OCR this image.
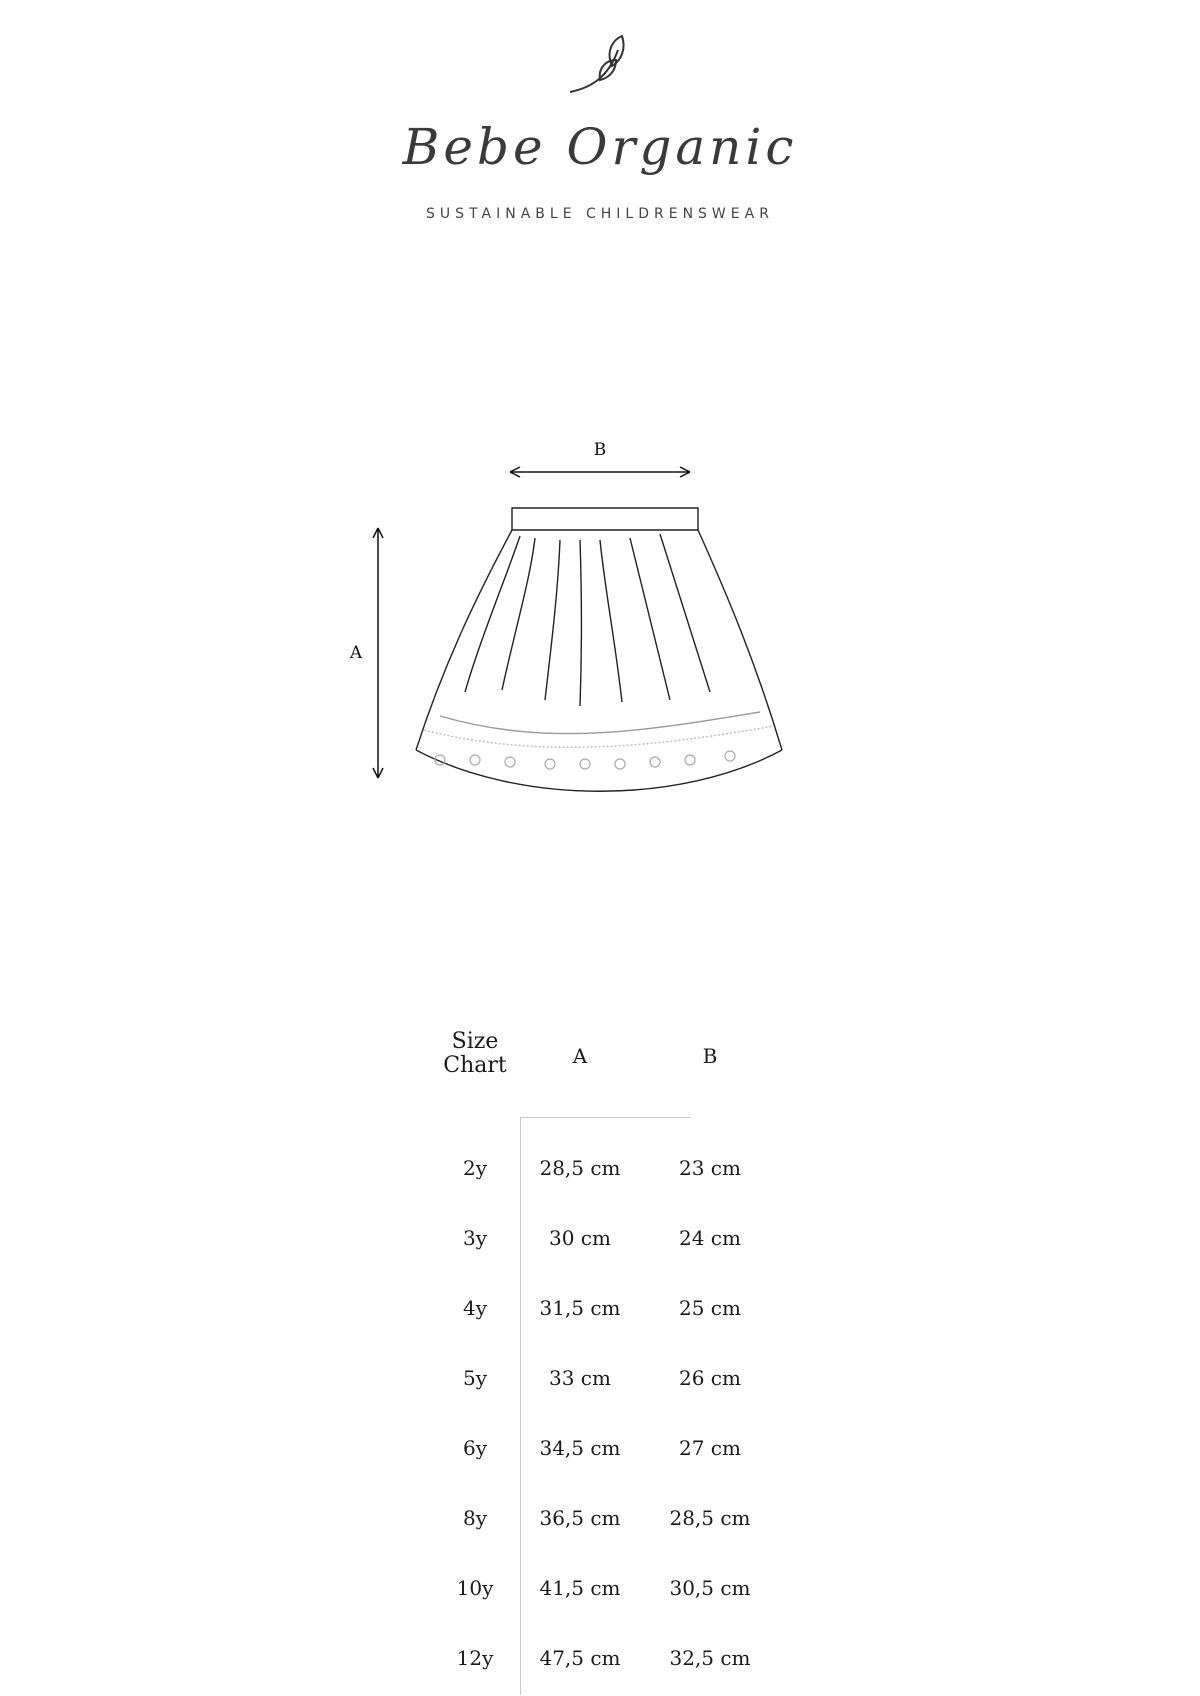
Bebe Organic
SUSTAINABLE CHILDRENSWEAR
B
A
Size Chart	A	B
2y	28,5 cm	23 cm
3y	30 cm	24 cm
4y	31,5 cm	25 cm
5y	33 cm	26 cm
6y	34,5 cm	27 cm
8y	36,5 cm	28,5 cm
10y	41,5 cm	30,5 cm
12y	47,5 cm	32,5 cm
